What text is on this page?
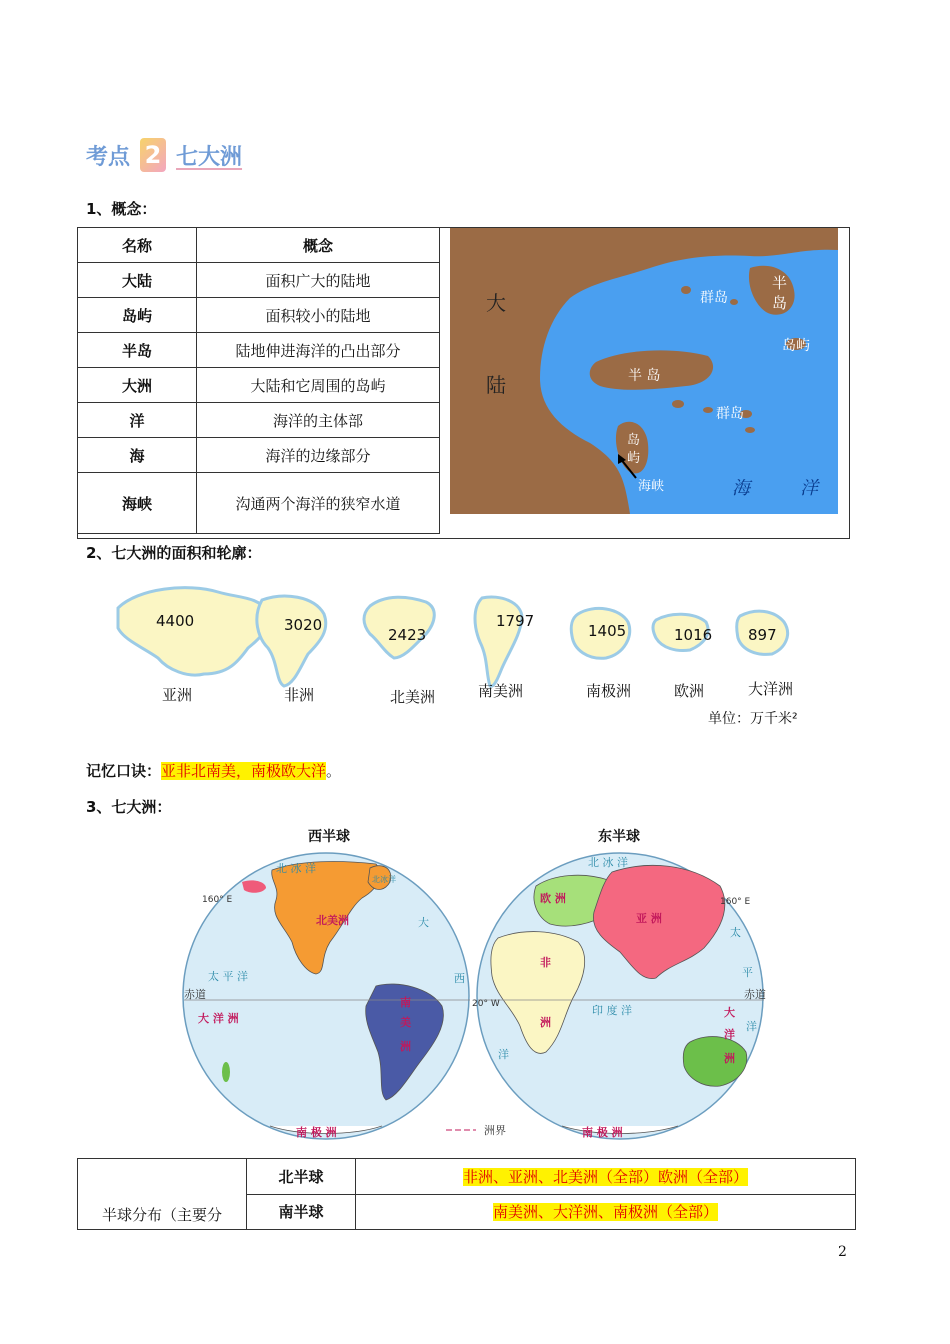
考点 2 七大洲
1、概念：
名称	概念
大陆	面积广大的陆地
岛屿	面积较小的陆地
半岛	陆地伸进海洋的凸出部分
大洲	大陆和它周围的岛屿
洋	海洋的主体部
海	海洋的边缘部分
海峡	沟通两个海洋的狭窄水道
大
陆
半
岛
群岛
岛屿
半 岛
群岛
岛
屿
海峡	海	洋
2、七大洲的面积和轮廓：
4400	3020
2423
1797
1405	1016 897
亚洲	非洲	北美洲	南美洲	南极洲	欧洲	大洋洲
单位：万千米²
记忆口诀：亚非北南美，南极欧大洋。
3、七大洲：
西半球	东半球
北 冰 洋
北冰洋
北美洲
南
美
洲
太 平 洋
大 洋 洲
南 极 洲	南 极 洲
赤道	赤道
160° E	160° E
20° W
欧 洲
亚 洲
非
洲
印 度 洋	大
洋
洲
大
西
洋
太
平
洋
北 冰 洋
洲界
半球分布（主要分	北半球	非洲、亚洲、北美洲（全部）欧洲（全部）
	南半球	南美洲、大洋洲、南极洲（全部）
2
